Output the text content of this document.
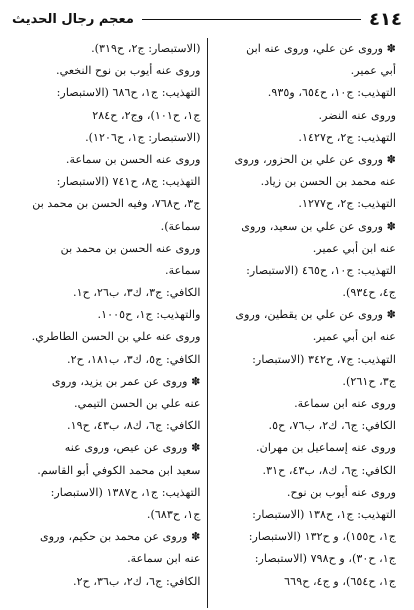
٤١٤
معجم رجال الحديث
✽ وروى عن علي، وروى عنه ابن
أبي عمير.
التهذيب: ج١٠، ح٦٥٤، و٩٣٥.
وروى عنه النضر.
التهذيب: ج٢، ح١٤٢٧.
✽ وروى عن علي بن الحزور، وروى
عنه محمد بن الحسن بن زياد.
التهذيب: ج٢، ح١٢٧٧.
✽ وروى عن علي بن سعيد، وروى
عنه ابن أبي عمير.
التهذيب: ج١٠، ح٤٦٥ (الاستبصار:
ج٤، ح٩٣٤).
✽ وروى عن علي بن يقطين، وروى
عنه ابن أبي عمير.
التهذيب: ج٧، ح٣٤٢ (الاستبصار:
ج٣، ح٢٦١).
وروى عنه ابن سماعة.
الكافي: ج٦، ك٢، ب٧٦، ح٥.
وروى عنه إسماعيل بن مهران.
الكافي: ج٦، ك٨، ب٤٣، ح٣١.
وروى عنه أيوب بن نوح.
التهذيب: ج١، ح١٣٨ (الاستبصار:
ج١، ح١٥٥)، و ح١٣٢ (الاستبصار:
ج١، ح٣٠)، و ح٧٩٨ (الاستبصار:
ج١، ح٦٥٤)، و ج٤، ح٦٦٩
(الاستبصار: ج٢، ح٣١٩).
وروى عنه أيوب بن نوح النخعي.
التهذيب: ج١، ح٦٨٦ (الاستبصار:
ج١، ح١٠١)، وج٢، ح٢٨٤
(الاستبصار: ج١، ح١٢٠٦).
وروى عنه الحسن بن سماعة.
التهذيب: ج٨، ح٧٤١ (الاستبصار:
ج٣، ح٧٦٨، وفيه الحسن بن محمد بن
سماعة).
وروى عنه الحسن بن محمد بن
سماعة.
الكافي: ج٣، ك٣، ب٢٦، ح١.
والتهذيب: ج١، ح١٠٠٥.
وروى عنه علي بن الحسن الطاطري.
الكافي: ج٥، ك٣، ب١٨١، ح٢.
✽ وروى عن عمر بن يزيد، وروى
عنه علي بن الحسن التيمي.
الكافي: ج٦، ك٨، ب٤٣، ح١٩.
✽ وروى عن عيص، وروى عنه
سعيد ابن محمد الكوفي أبو القاسم.
التهذيب: ج١، ح١٣٨٧ (الاستبصار:
ج١، ح٦٨٣).
✽ وروى عن محمد بن حكيم، وروى
عنه ابن سماعة.
الكافي: ج٦، ك٢، ب٣٦، ح٢.
